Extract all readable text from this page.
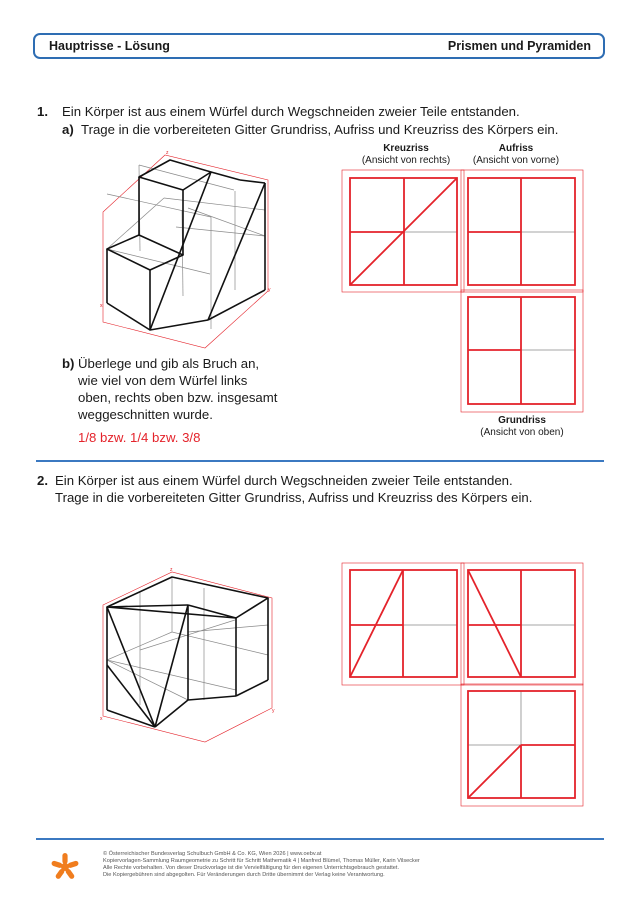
Hauptrisse - Lösung	Prismen und Pyramiden
1. Ein Körper ist aus einem Würfel durch Wegschneiden zweier Teile entstanden.
a) Trage in die vorbereiteten Gitter Grundriss, Aufriss und Kreuzriss des Körpers ein.
Kreuzriss
(Ansicht von rechts)
Aufriss
(Ansicht von vorne)
Grundriss
(Ansicht von oben)
b) Überlege und gib als Bruch an,
wie viel von dem Würfel links
oben, rechts oben bzw. insgesamt
weggeschnitten wurde.
1/8 bzw. 1/4 bzw. 3/8
2. Ein Körper ist aus einem Würfel durch Wegschneiden zweier Teile entstanden.
Trage in die vorbereiteten Gitter Grundriss, Aufriss und Kreuzriss des Körpers ein.
x
y
z
x
y
z
© Österreichischer Bundesverlag Schulbuch GmbH & Co. KG, Wien 2026 | www.oebv.at
Kopiervorlagen-Sammlung Raumgeometrie zu Schritt für Schritt Mathematik 4 | Manfred Blümel, Thomas Müller, Karin Vilsecker
Alle Rechte vorbehalten. Von dieser Druckvorlage ist die Vervielfältigung für den eigenen Unterrichtsgebrauch gestattet.
Die Kopiergebühren sind abgegolten. Für Veränderungen durch Dritte übernimmt der Verlag keine Verantwortung.
